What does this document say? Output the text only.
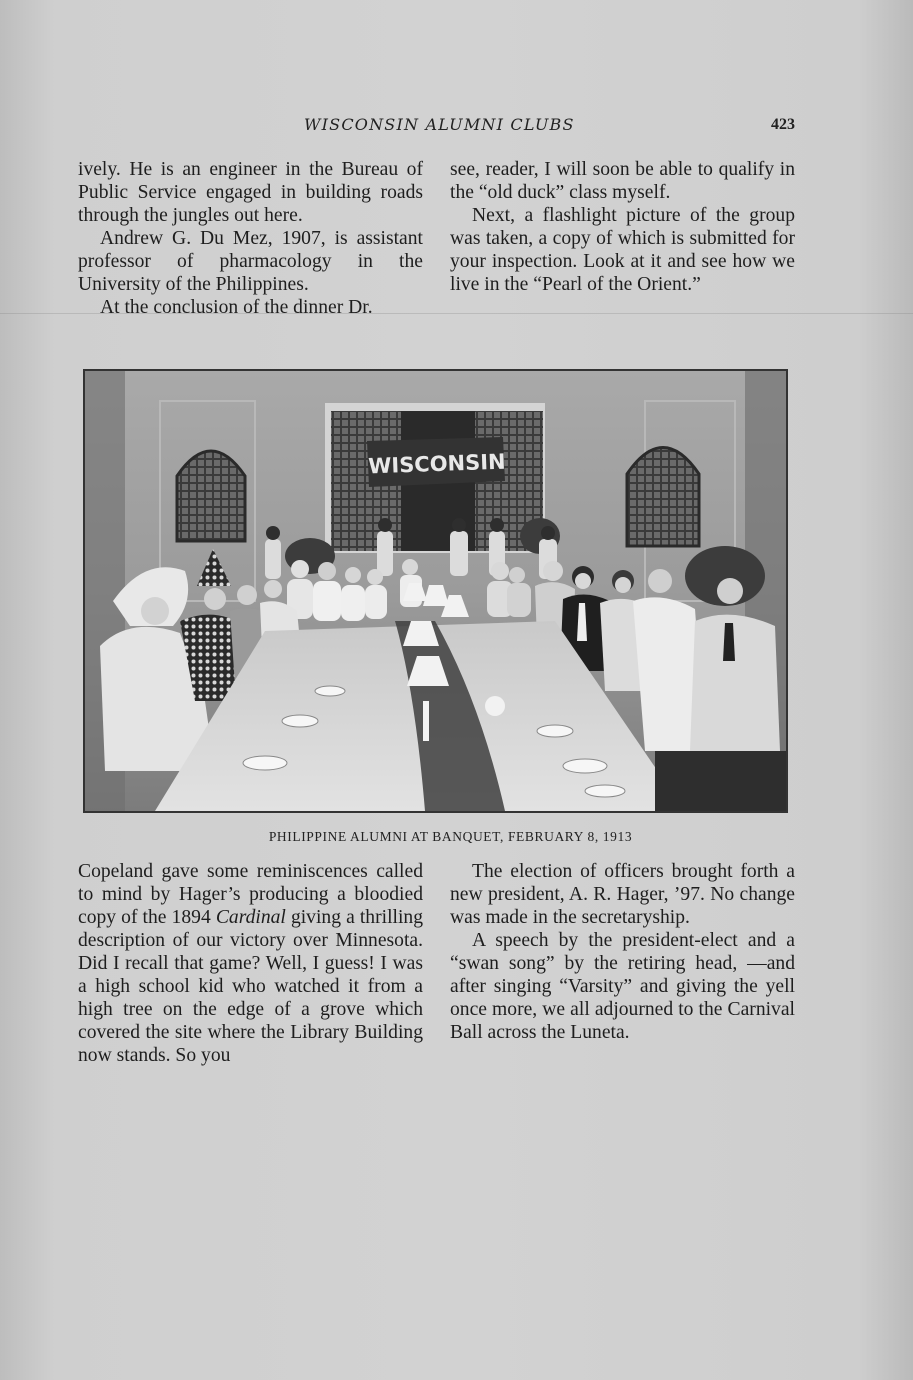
WISCONSIN ALUMNI CLUBS	423

ively. He is an engineer in the Bureau of Public Service engaged in building roads through the jungles out here.

Andrew G. Du Mez, 1907, is assistant professor of pharmacology in the University of the Philippines.

At the conclusion of the dinner Dr.

see, reader, I will soon be able to qualify in the “old duck” class myself.

Next, a flashlight picture of the group was taken, a copy of which is submitted for your inspection. Look at it and see how we live in the “Pearl of the Orient.”

WISCONSIN
PHILIPPINE ALUMNI AT BANQUET, FEBRUARY 8, 1913

Copeland gave some reminiscences called to mind by Hager’s producing a bloodied copy of the 1894 Cardinal giving a thrilling description of our victory over Minnesota. Did I recall that game? Well, I guess! I was a high school kid who watched it from a high tree on the edge of a grove which covered the site where the Library Building now stands. So you

The election of officers brought forth a new president, A. R. Hager, ’97. No change was made in the secretaryship.

A speech by the president-elect and a “swan song” by the retiring head, —and after singing “Varsity” and giving the yell once more, we all adjourned to the Carnival Ball across the Luneta.
